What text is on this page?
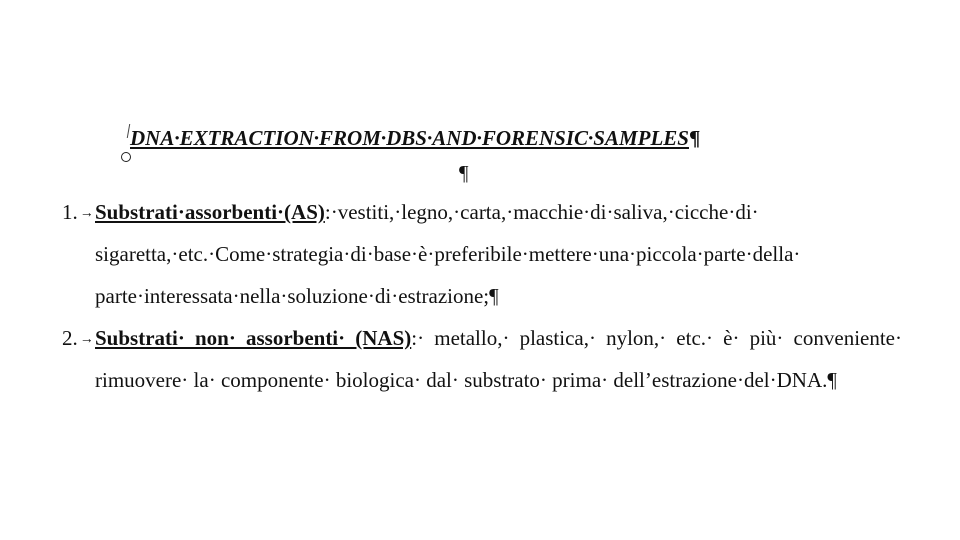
DNA·EXTRACTION·FROM·DBS·AND·FORENSIC·SAMPLES¶
¶
1. → Substrati·assorbenti·(AS):·vestiti,·legno,·carta,·macchie·di·saliva,·cicche·di· sigaretta,·etc.·Come·strategia·di·base·è·preferibile·mettere·una·piccola·parte·della· parte·interessata·nella·soluzione·di·estrazione;¶
2. → Substrati· non· assorbenti· (NAS):· metallo,· plastica,· nylon,· etc.· è· più· conveniente· rimuovere· la· componente· biologica· dal· substrato· prima· dell’estrazione·del·DNA.¶
